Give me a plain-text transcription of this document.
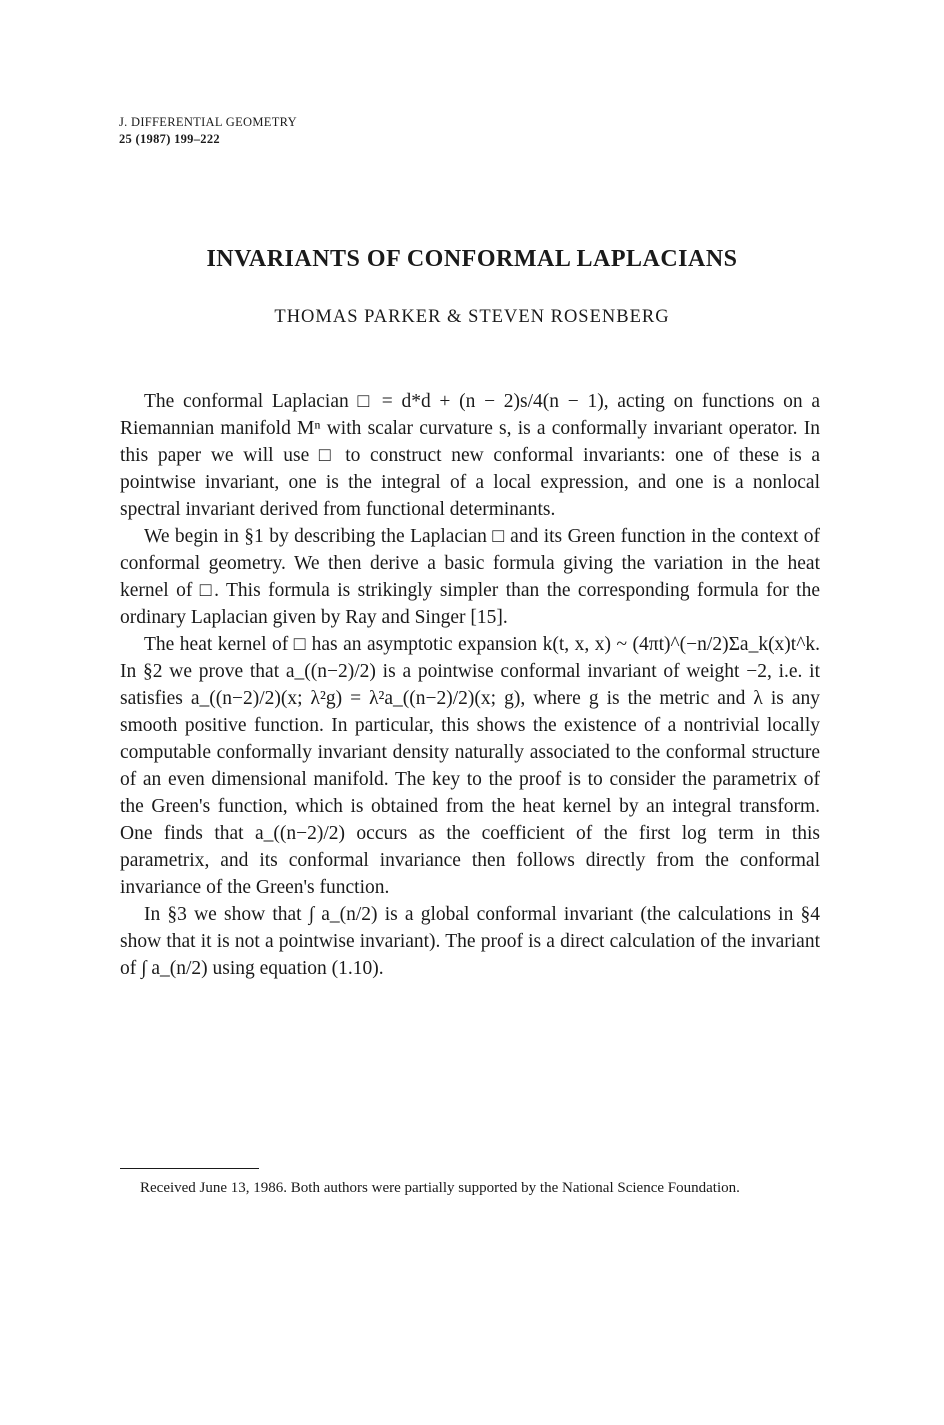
J. DIFFERENTIAL GEOMETRY
25 (1987) 199–222
INVARIANTS OF CONFORMAL LAPLACIANS
THOMAS PARKER & STEVEN ROSENBERG

The conformal Laplacian □ = d*d + (n − 2)s/4(n − 1), acting on functions on a Riemannian manifold Mⁿ with scalar curvature s, is a conformally invariant operator. In this paper we will use □ to construct new conformal invariants: one of these is a pointwise invariant, one is the integral of a local expression, and one is a nonlocal spectral invariant derived from functional determinants.

We begin in §1 by describing the Laplacian □ and its Green function in the context of conformal geometry. We then derive a basic formula giving the variation in the heat kernel of □. This formula is strikingly simpler than the corresponding formula for the ordinary Laplacian given by Ray and Singer [15].

The heat kernel of □ has an asymptotic expansion k(t, x, x) ~ (4πt)^(−n/2)Σa_k(x)t^k. In §2 we prove that a_((n−2)/2) is a pointwise conformal invariant of weight −2, i.e. it satisfies a_((n−2)/2)(x; λ²g) = λ²a_((n−2)/2)(x; g), where g is the metric and λ is any smooth positive function. In particular, this shows the existence of a nontrivial locally computable conformally invariant density naturally associated to the conformal structure of an even dimensional manifold. The key to the proof is to consider the parametrix of the Green's function, which is obtained from the heat kernel by an integral transform. One finds that a_((n−2)/2) occurs as the coefficient of the first log term in this parametrix, and its conformal invariance then follows directly from the conformal invariance of the Green's function.

In §3 we show that ∫ a_(n/2) is a global conformal invariant (the calculations in §4 show that it is not a pointwise invariant). The proof is a direct calculation of the invariant of ∫ a_(n/2) using equation (1.10).

Received June 13, 1986. Both authors were partially supported by the National Science Foundation.
